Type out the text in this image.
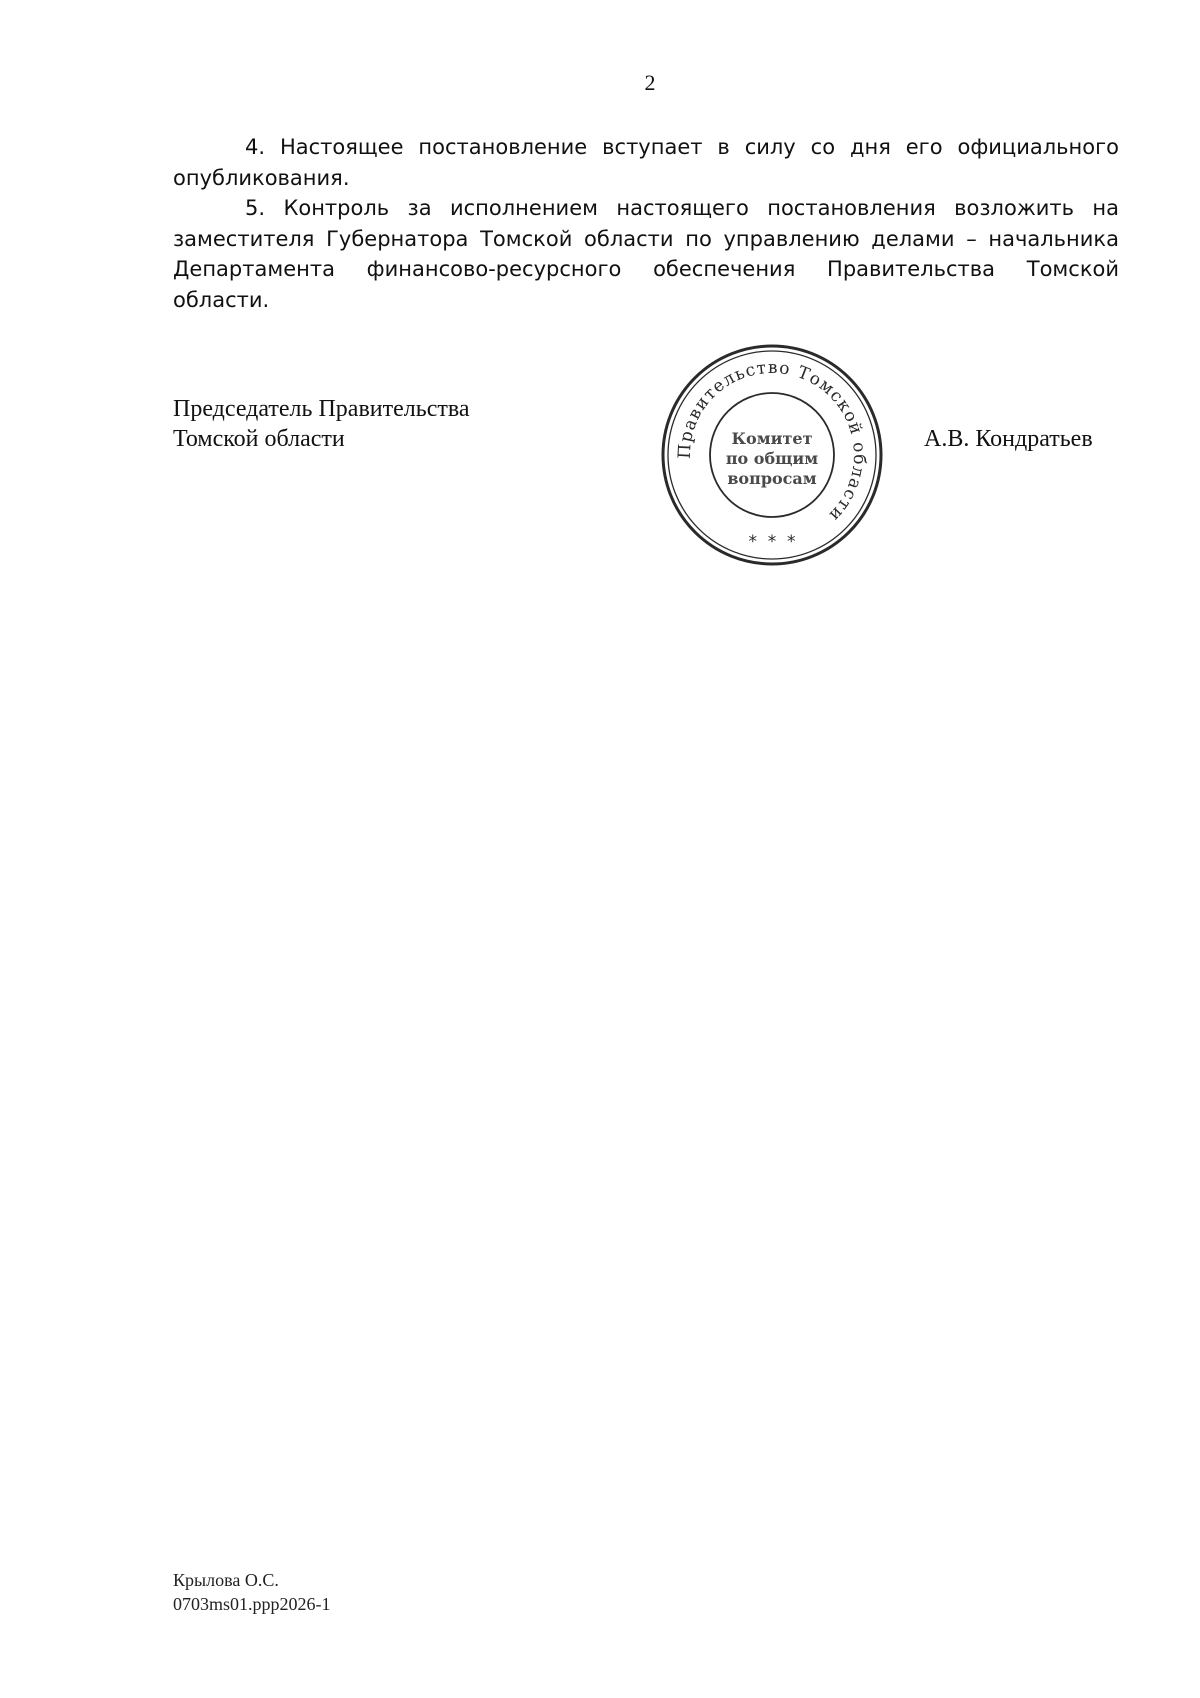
2

4. Настоящее постановление вступает в силу со дня его официального опубликования.

5. Контроль за исполнением настоящего постановления возложить на заместителя Губернатора Томской области по управлению делами – начальника Департамента финансово-ресурсного обеспечения Правительства Томской области.

Председатель Правительства
Томской области	Правительство Томской области
Комитет
по общим
вопросам
*  *  *
А.В. Кондратьев
Крылова О.С.
0703ms01.ppp2026-1
